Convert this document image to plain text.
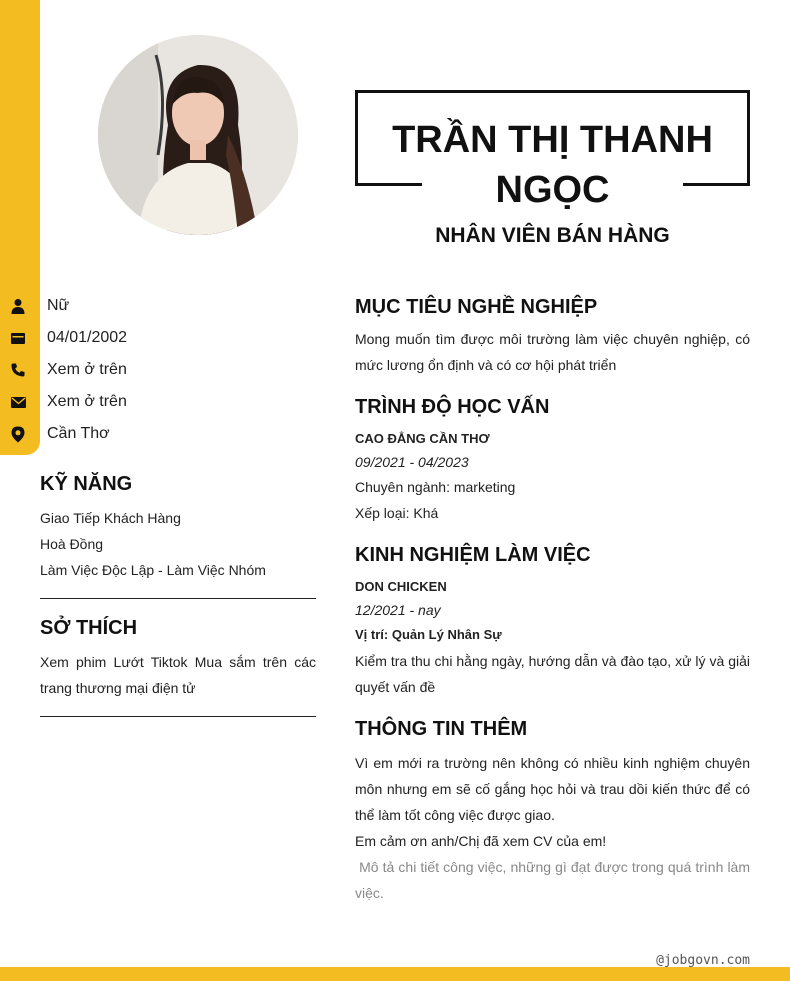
TRẦN THỊ THANH NGỌC
NHÂN VIÊN BÁN HÀNG
Nữ
04/01/2002
Xem ở trên
Xem ở trên
Cần Thơ
KỸ NĂNG
Giao Tiếp Khách Hàng
Hoà Đồng
Làm Việc Độc Lập - Làm Việc Nhóm
SỞ THÍCH
Xem phim Lướt Tiktok Mua sắm trên các trang thương mại điện tử
MỤC TIÊU NGHỀ NGHIỆP
Mong muốn tìm được môi trường làm việc chuyên nghiệp, có mức lương ổn định và có cơ hội phát triển
TRÌNH ĐỘ HỌC VẤN
CAO ĐẲNG CẦN THƠ
09/2021 - 04/2023
Chuyên ngành: marketing
Xếp loại: Khá
KINH NGHIỆM LÀM VIỆC
DON CHICKEN
12/2021 - nay
Vị trí: Quản Lý Nhân Sự
Kiểm tra thu chi hằng ngày, hướng dẫn và đào tạo, xử lý và giải quyết vấn đề
THÔNG TIN THÊM
Vì em mới ra trường nên không có nhiều kinh nghiệm chuyên môn nhưng em sẽ cố gắng học hỏi và trau dồi kiến thức để có thể làm tốt công việc được giao.
Em cảm ơn anh/Chị đã xem CV của em!
Mô tả chi tiết công việc, những gì đạt được trong quá trình làm việc.
@jobgovn.com
